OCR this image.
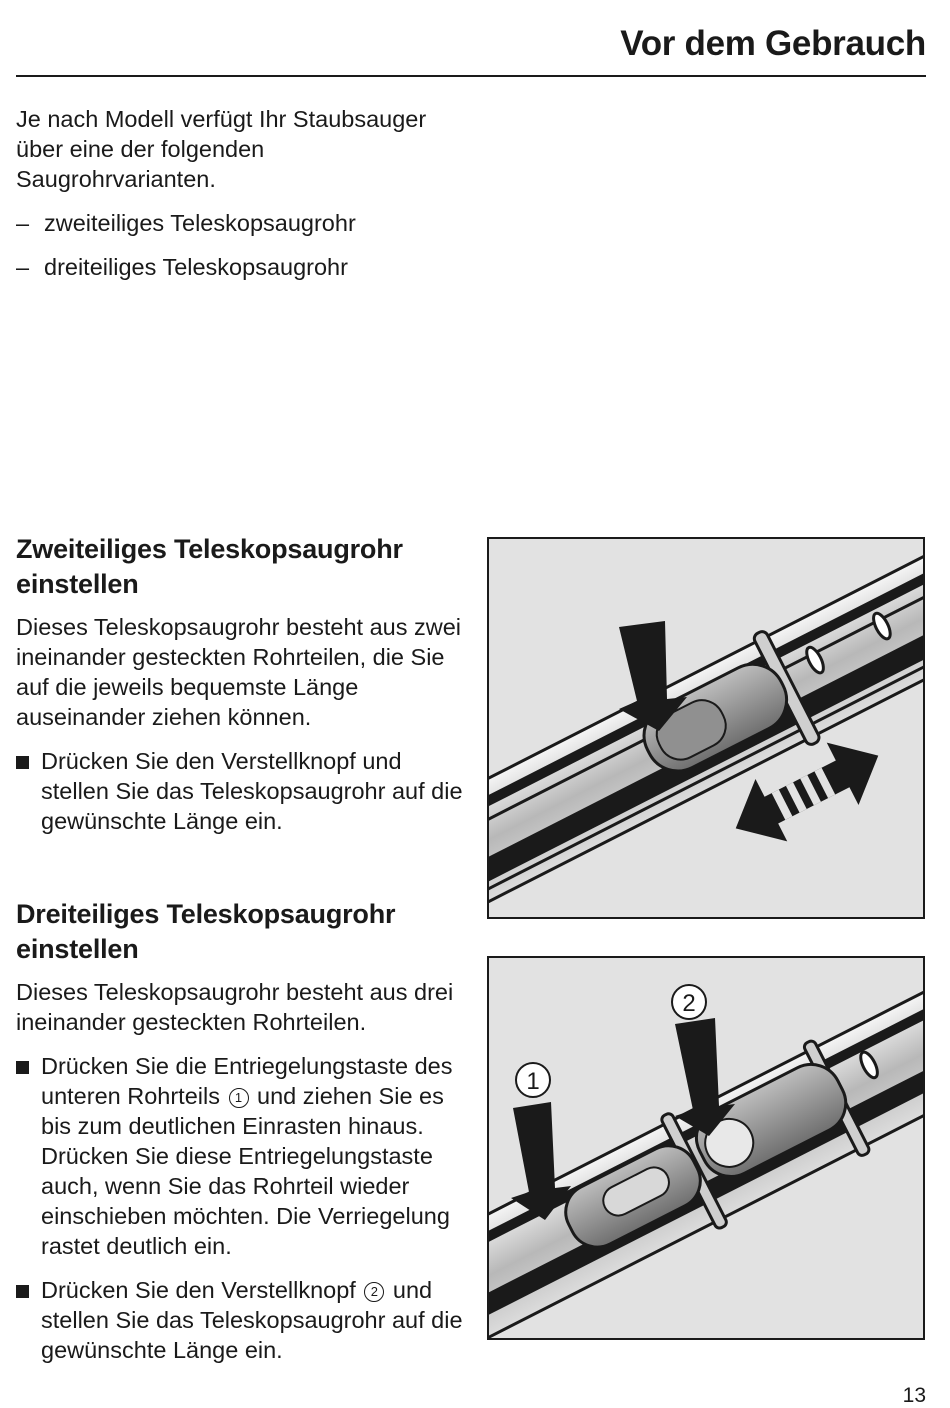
Vor dem Gebrauch

Je nach Modell verfügt Ihr Staubsauger über eine der folgenden Saugrohrvarianten.

– zweiteiliges Teleskopsaugrohr
– dreiteiliges Teleskopsaugrohr
Zweiteiliges Teleskopsaugrohr einstellen

Dieses Teleskopsaugrohr besteht aus zwei ineinander gesteckten Rohrteilen, die Sie auf die jeweils bequemste Länge auseinander ziehen können.

Drücken Sie den Verstellknopf und stellen Sie das Teleskopsaugrohr auf die gewünschte Länge ein.
Dreiteiliges Teleskopsaugrohr einstellen

Dieses Teleskopsaugrohr besteht aus drei ineinander gesteckten Rohrteilen.

Drücken Sie die Entriegelungstaste des unteren Rohrteils 1 und ziehen Sie es bis zum deutlichen Einrasten hinaus. Drücken Sie diese Entriegelungstaste auch, wenn Sie das Rohrteil wieder einschieben möchten. Die Verriegelung rastet deutlich ein.
Drücken Sie den Verstellknopf 2 und stellen Sie das Teleskopsaugrohr auf die gewünschte Länge ein.
1
2
13
